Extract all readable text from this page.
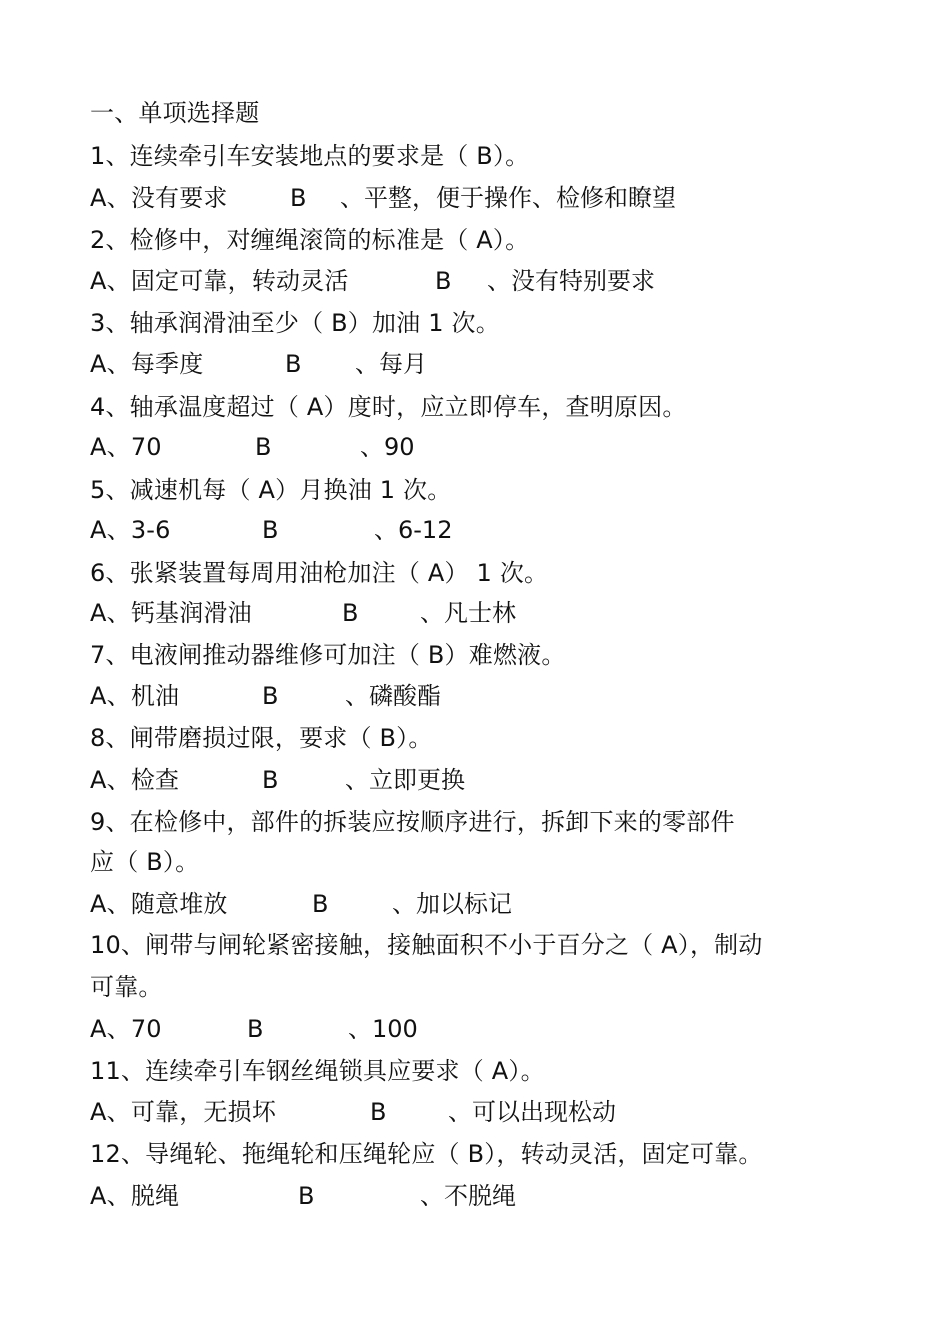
一、单项选择题
1、连续牵引车安装地点的要求是（ B）。
A、没有要求	B 、平整，便于操作、检修和瞭望
2、检修中，对缠绳滚筒的标准是（ A）。
A、固定可靠，转动灵活	B 、没有特别要求
3、轴承润滑油至少（ B）加油 1 次。
A、每季度	B 、每月
4、轴承温度超过（ A）度时，应立即停车，查明原因。
A、70	B	、90
5、减速机每（ A）月换油 1 次。
A、3-6	B	、6-12
6、张紧装置每周用油枪加注（ A） 1 次。
A、钙基润滑油	B	、凡士林
7、电液闸推动器维修可加注（ B）难燃液。
A、机油	B	、磷酸酯
8、闸带磨损过限，要求（ B）。
A、检查	B	、立即更换
9、在检修中，部件的拆装应按顺序进行，拆卸下来的零部件
应（ B）。
A、随意堆放	B	、加以标记
10、闸带与闸轮紧密接触，接触面积不小于百分之（ A），制动
可靠。
A、70	B	、100
11、连续牵引车钢丝绳锁具应要求（ A）。
A、可靠，无损坏	B	、可以出现松动
12、导绳轮、拖绳轮和压绳轮应（ B），转动灵活，固定可靠。
A、脱绳	B	、不脱绳
